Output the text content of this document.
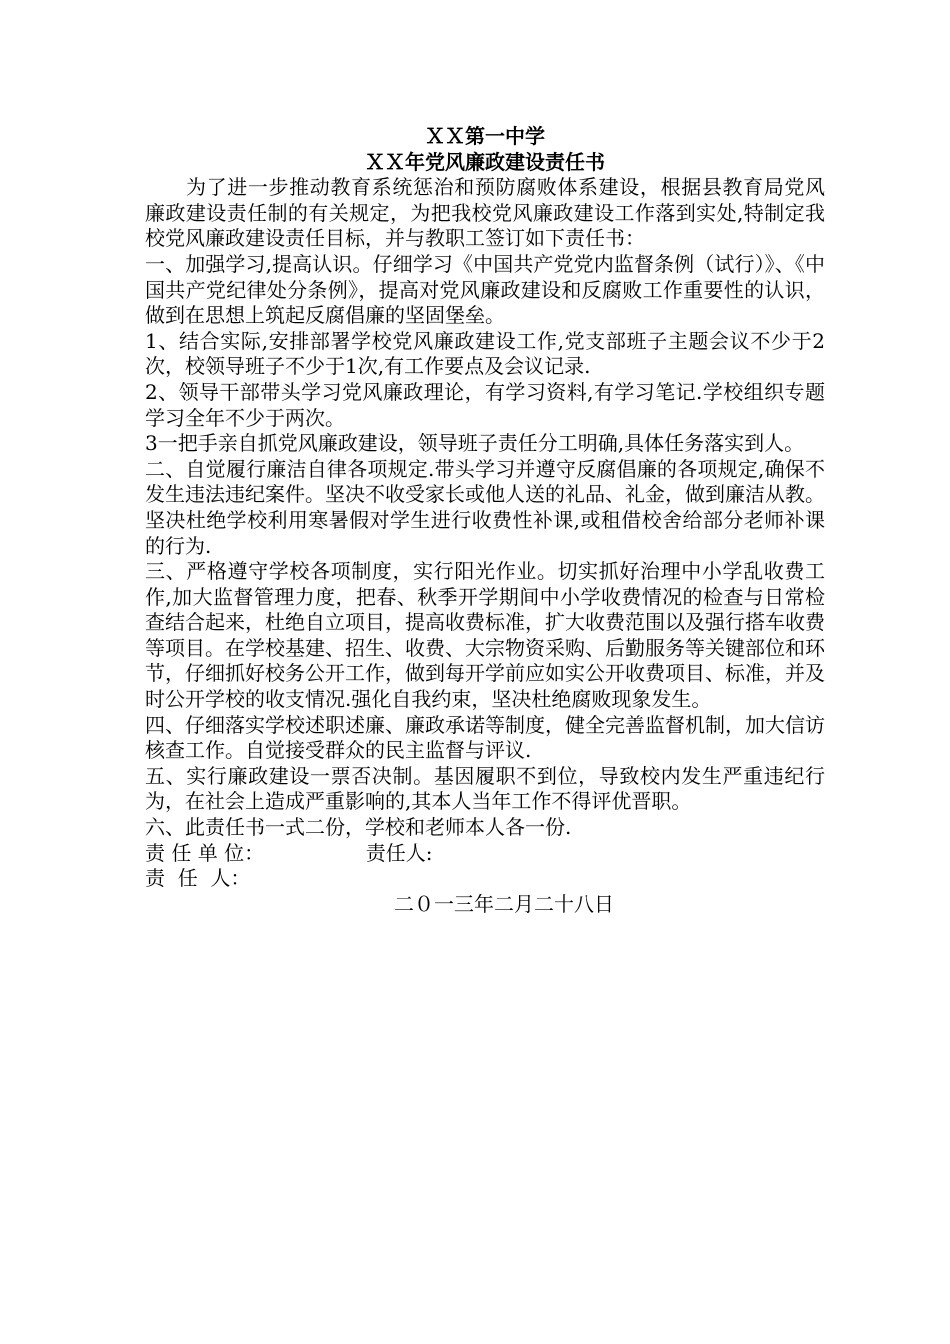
ＸＸ第一中学

ＸＸ年党风廉政建设责任书

为了进一步推动教育系统惩治和预防腐败体系建设，根据县教育局党风廉政建设责任制的有关规定，为把我校党风廉政建设工作落到实处,特制定我校党风廉政建设责任目标，并与教职工签订如下责任书：

一、加强学习,提高认识。仔细学习《中国共产党党内监督条例（试行）》、《中国共产党纪律处分条例》，提高对党风廉政建设和反腐败工作重要性的认识，做到在思想上筑起反腐倡廉的坚固堡垒。

1、结合实际,安排部署学校党风廉政建设工作,党支部班子主题会议不少于2次，校领导班子不少于1次,有工作要点及会议记录.

2、领导干部带头学习党风廉政理论，有学习资料,有学习笔记.学校组织专题学习全年不少于两次。

3一把手亲自抓党风廉政建设，领导班子责任分工明确,具体任务落实到人。

二、自觉履行廉洁自律各项规定.带头学习并遵守反腐倡廉的各项规定,确保不发生违法违纪案件。坚决不收受家长或他人送的礼品、礼金，做到廉洁从教。坚决杜绝学校利用寒暑假对学生进行收费性补课,或租借校舍给部分老师补课的行为.

三、严格遵守学校各项制度，实行阳光作业。切实抓好治理中小学乱收费工作,加大监督管理力度，把春、秋季开学期间中小学收费情况的检查与日常检查结合起来，杜绝自立项目，提高收费标准，扩大收费范围以及强行搭车收费等项目。在学校基建、招生、收费、大宗物资采购、后勤服务等关键部位和环节，仔细抓好校务公开工作，做到每开学前应如实公开收费项目、标准，并及时公开学校的收支情况.强化自我约束，坚决杜绝腐败现象发生。

四、仔细落实学校述职述廉、廉政承诺等制度，健全完善监督机制，加大信访核查工作。自觉接受群众的民主监督与评议.

五、实行廉政建设一票否决制。基因履职不到位，导致校内发生严重违纪行为，在社会上造成严重影响的,其本人当年工作不得评优晋职。

六、此责任书一式二份，学校和老师本人各一份.

责 任 单 位：                责任人:

责  任  人：

二０一三年二月二十八日
